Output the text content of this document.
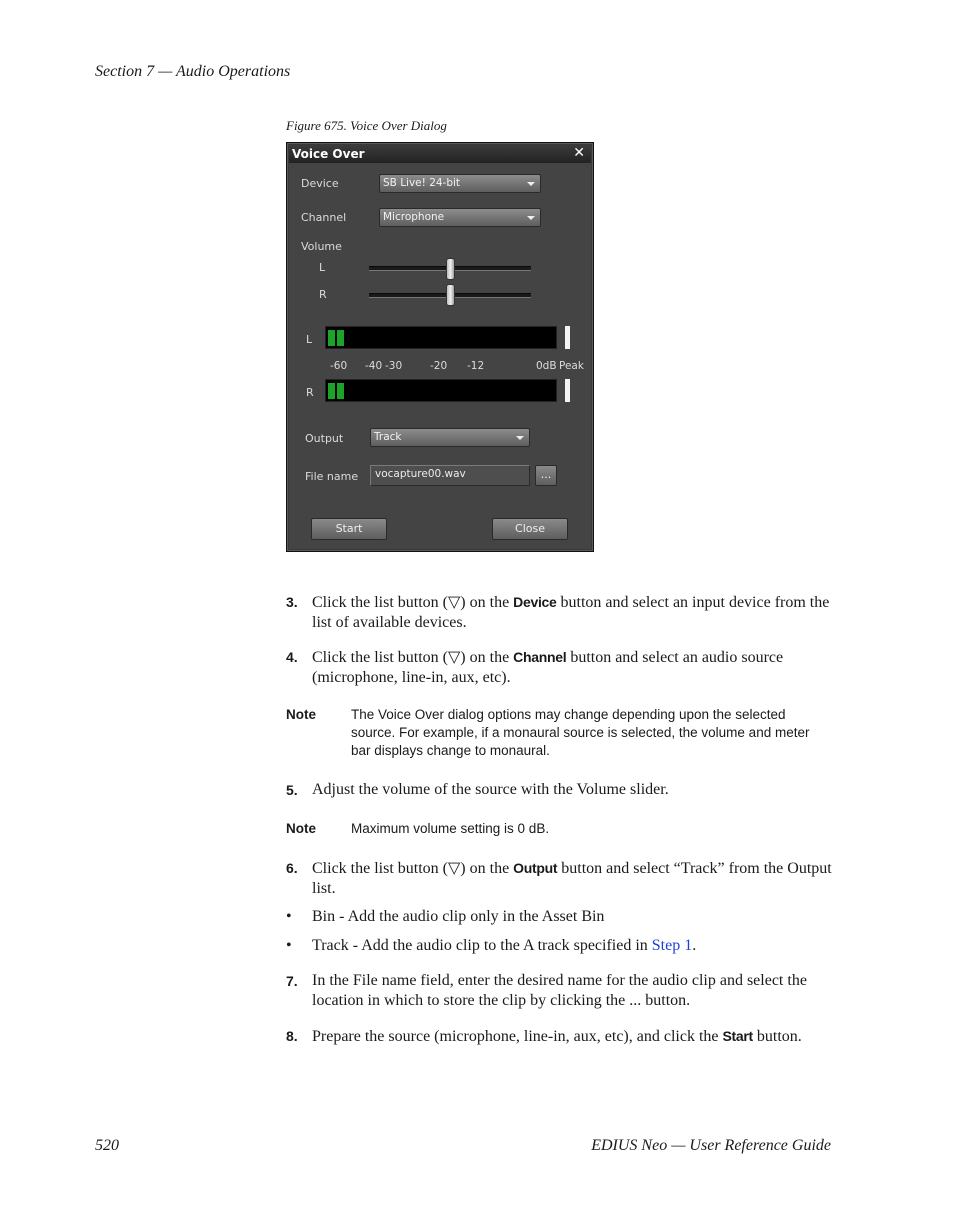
Section 7 — Audio Operations
Figure 675. Voice Over Dialog
Voice Over	✕
Device	SB Live! 24-bit
Channel	Microphone
Volume
L
R
L
-60 -40 -30	-20 -12	0dB Peak
R
Output	Track
File name vocapture00.wav	...
Start	Close
3. Click the list button (▽) on the Device button and select an input device from the list of available devices.
4. Click the list button (▽) on the Channel button and select an audio source (microphone, line-in, aux, etc).
Note	The Voice Over dialog options may change depending upon the selected source. For example, if a monaural source is selected, the volume and meter bar displays change to monaural.
5. Adjust the volume of the source with the Volume slider.
Note	Maximum volume setting is 0 dB.
6. Click the list button (▽) on the Output button and select “Track” from the Output list.
• Bin - Add the audio clip only in the Asset Bin
• Track - Add the audio clip to the A track specified in Step 1.
7. In the File name field, enter the desired name for the audio clip and select the location in which to store the clip by clicking the ... button.
8. Prepare the source (microphone, line-in, aux, etc), and click the Start button.
520	EDIUS Neo — User Reference Guide
